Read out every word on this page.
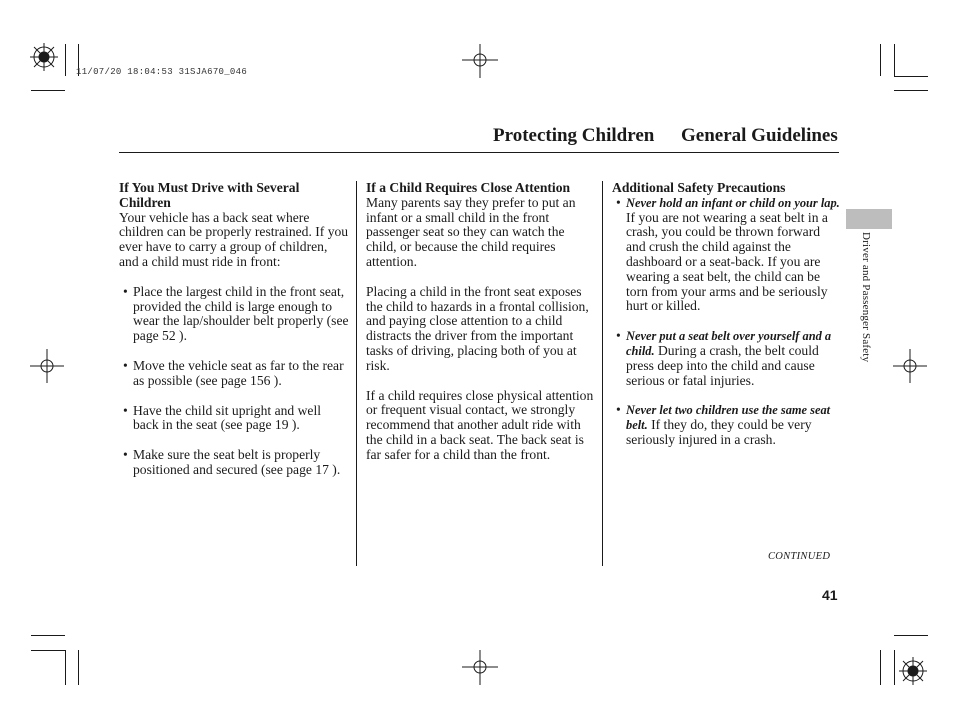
11/07/20 18:04:53 31SJA670_046
Protecting Children General Guidelines

If You Must Drive with Several Children

Your vehicle has a back seat where children can be properly restrained. If you ever have to carry a group of children, and a child must ride in front:

• Place the largest child in the front seat, provided the child is large enough to wear the lap/shoulder belt properly (see page 52 ).
• Move the vehicle seat as far to the rear as possible (see page 156 ).
• Have the child sit upright and well back in the seat (see page 19 ).
• Make sure the seat belt is properly positioned and secured (see page 17 ).

If a Child Requires Close Attention

Many parents say they prefer to put an infant or a small child in the front passenger seat so they can watch the child, or because the child requires attention.

Placing a child in the front seat exposes the child to hazards in a frontal collision, and paying close attention to a child distracts the driver from the important tasks of driving, placing both of you at risk.

If a child requires close physical attention or frequent visual contact, we strongly recommend that another adult ride with the child in a back seat. The back seat is far safer for a child than the front.

Additional Safety Precautions

• Never hold an infant or child on your lap. If you are not wearing a seat belt in a crash, you could be thrown forward and crush the child against the dashboard or a seat-back. If you are wearing a seat belt, the child can be torn from your arms and be seriously hurt or killed.
• Never put a seat belt over yourself and a child. During a crash, the belt could press deep into the child and cause serious or fatal injuries.
• Never let two children use the same seat belt. If they do, they could be very seriously injured in a crash.
Driver and Passenger Safety
CONTINUED
41
